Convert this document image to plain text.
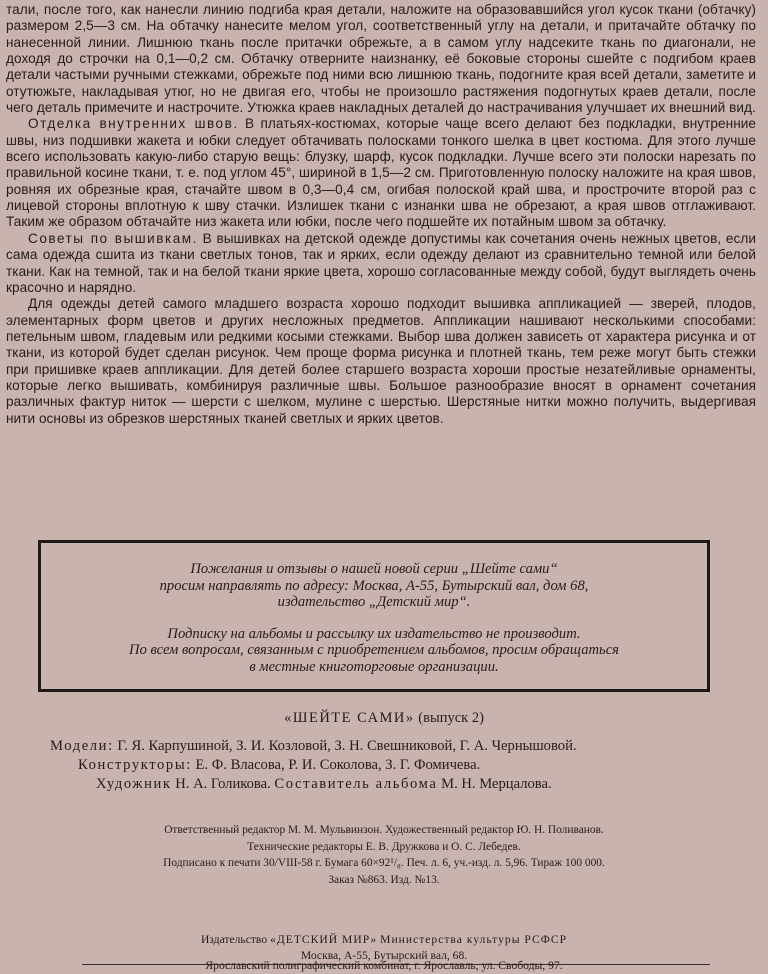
тали, после того, как нанесли линию подгиба края детали, наложите на образовавшийся угол кусок ткани (обтачку) размером 2,5—3 см. На обтачку нанесите мелом угол, соответственный углу на детали, и притачайте обтачку по нанесенной линии. Лишнюю ткань после притачки обрежьте, а в самом углу надсеките ткань по диагонали, не доходя до строчки на 0,1—0,2 см. Обтачку отверните наизнанку, её боковые стороны сшейте с подгибом краев детали частыми ручными стежками, обрежьте под ними всю лишнюю ткань, подогните края всей детали, заметите и отутюжьте, накладывая утюг, но не двигая его, чтобы не произошло растяжения подогнутых краев детали, после чего деталь примечите и настрочите. Утюжка краев накладных деталей до настрачивания улучшает их внешний вид.

Отделка внутренних швов. В платьях-костюмах, которые чаще всего делают без подкладки, внутренние швы, низ подшивки жакета и юбки следует обтачивать полосками тонкого шелка в цвет костюма. Для этого лучше всего использовать какую-либо старую вещь: блузку, шарф, кусок подкладки. Лучше всего эти полоски нарезать по правильной косине ткани, т. е. под углом 45°, шириной в 1,5—2 см. Приготовленную полоску наложите на края швов, ровняя их обрезные края, стачайте швом в 0,3—0,4 см, огибая полоской край шва, и прострочите второй раз с лицевой стороны вплотную к шву стачки. Излишек ткани с изнанки шва не обрезают, а края швов отглаживают. Таким же образом обтачайте низ жакета или юбки, после чего подшейте их потайным швом за обтачку.

Советы по вышивкам. В вышивках на детской одежде допустимы как сочетания очень нежных цветов, если сама одежда сшита из ткани светлых тонов, так и ярких, если одежду делают из сравнительно темной или белой ткани. Как на темной, так и на белой ткани яркие цвета, хорошо согласованные между собой, будут выглядеть очень красочно и нарядно.

Для одежды детей самого младшего возраста хорошо подходит вышивка аппликацией — зверей, плодов, элементарных форм цветов и других несложных предметов. Аппликации нашивают несколькими способами: петельным швом, гладевым или редкими косыми стежками. Выбор шва должен зависеть от характера рисунка и от ткани, из которой будет сделан рисунок. Чем проще форма рисунка и плотней ткань, тем реже могут быть стежки при пришивке краев аппликации. Для детей более старшего возраста хороши простые незатейливые орнаменты, которые легко вышивать, комбинируя различные швы. Большое разнообразие вносят в орнамент сочетания различных фактур ниток — шерсти с шелком, мулине с шерстью. Шерстяные нитки можно получить, выдергивая нити основы из обрезков шерстяных тканей светлых и ярких цветов.

Пожелания и отзывы о нашей новой серии „Шейте сами“
просим направлять по адресу: Москва, А-55, Бутырский вал, дом 68,
издательство „Детский мир“.

Подписку на альбомы и рассылку их издательство не производит.
По всем вопросам, связанным с приобретением альбомов, просим обращаться
в местные книготорговые организации.

«ШЕЙТЕ САМИ» (выпуск 2)
Модели: Г. Я. Карпушиной, З. И. Козловой, З. Н. Свешниковой, Г. А. Чернышовой.
Конструкторы: Е. Ф. Власова, Р. И. Соколова, З. Г. Фомичева.
Художник Н. А. Голикова. Составитель альбома М. Н. Мерцалова.
Ответственный редактор М. М. Мульвинзон. Художественный редактор Ю. Н. Поливанов.
Технические редакторы Е. В. Дружкова и О. С. Лебедев.
Подписано к печати 30/VIII-58 г. Бумага 60×92¹/₈. Печ. л. 6, уч.-изд. л. 5,96. Тираж 100 000.
Заказ №863. Изд. №13.
Издательство «ДЕТСКИЙ МИР» Министерства культуры РСФСР
Москва, А-55, Бутырский вал, 68.
Ярославский полиграфический комбинат, г. Ярославль, ул. Свободы, 97.
